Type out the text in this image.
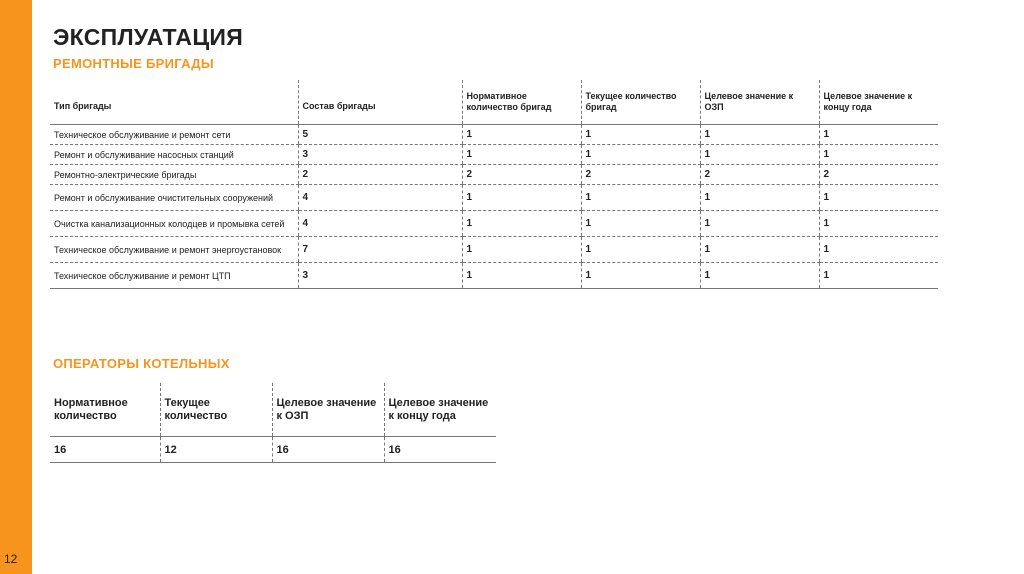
12
ЭКСПЛУАТАЦИЯ
РЕМОНТНЫЕ БРИГАДЫ
Тип бригады	Состав бригады	Нормативное количество бригад	Текущее количество бригад	Целевое значение к ОЗП	Целевое значение к концу года
Техническое обслуживание и ремонт сети	5	1	1	1	1
Ремонт и обслуживание насосных станций	3	1	1	1	1
Ремонтно-электрические бригады	2	2	2	2	2
Ремонт и обслуживание очистительных сооружений	4	1	1	1	1
Очистка канализационных колодцев и промывка сетей	4	1	1	1	1
Техническое обслуживание и ремонт энергоустановок	7	1	1	1	1
Техническое обслуживание и ремонт ЦТП	3	1	1	1	1
ОПЕРАТОРЫ КОТЕЛЬНЫХ
Нормативное количество	Текущее количество	Целевое значение к ОЗП	Целевое значение к концу года
16	12	16	16
